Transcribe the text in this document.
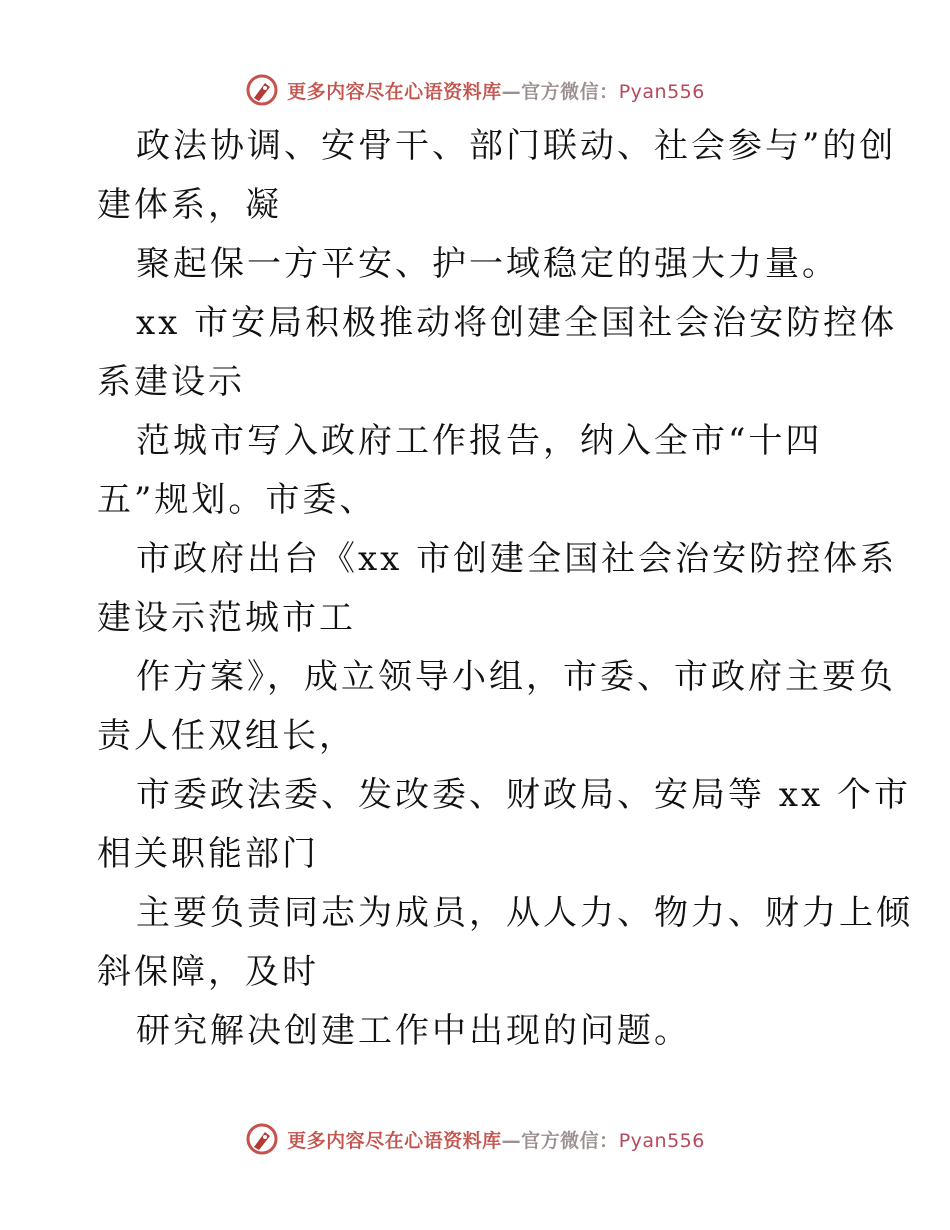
更多内容尽在心语资料库—官方微信：Pyan556
政法协调、安骨干、部门联动、社会参与”的创
建体系，凝
聚起保一方平安、护一域稳定的强大力量。
xx 市安局积极推动将创建全国社会治安防控体
系建设示
范城市写入政府工作报告，纳入全市“十四
五”规划。市委、
市政府出台《xx 市创建全国社会治安防控体系
建设示范城市工
作方案》，成立领导小组，市委、市政府主要负
责人任双组长，
市委政法委、发改委、财政局、安局等 xx 个市
相关职能部门
主要负责同志为成员，从人力、物力、财力上倾
斜保障，及时
研究解决创建工作中出现的问题。
更多内容尽在心语资料库—官方微信：Pyan556
